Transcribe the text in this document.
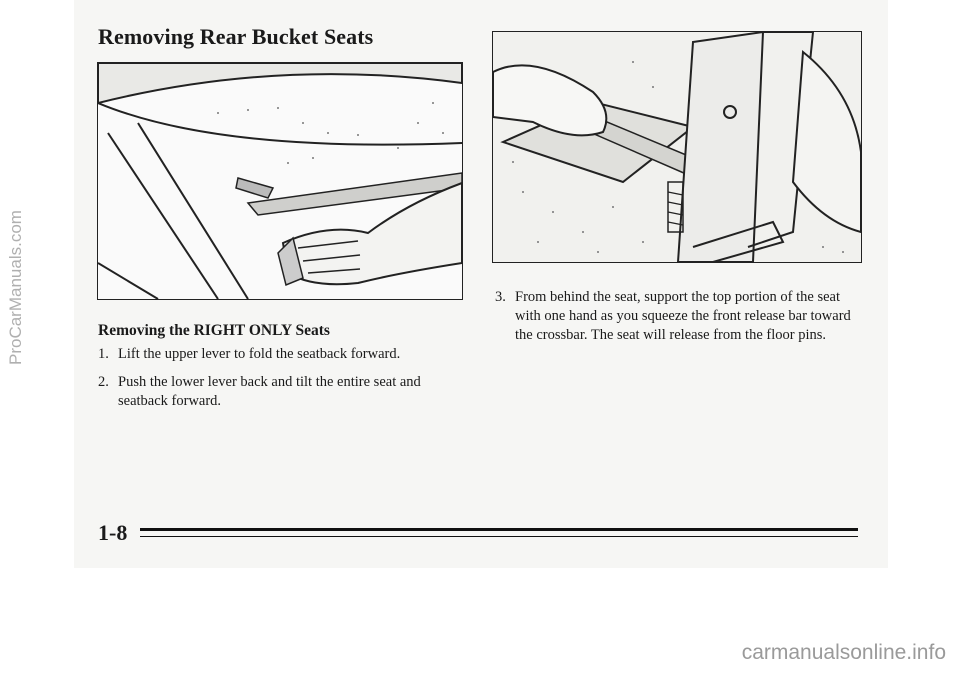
Removing Rear Bucket Seats
Removing the RIGHT ONLY Seats
1. Lift the upper lever to fold the seatback forward.
2. Push the lower lever back and tilt the entire seat and seatback forward.
3. From behind the seat, support the top portion of the seat with one hand as you squeeze the front release bar toward the crossbar. The seat will release from the floor pins.
1-8
ProCarManuals.com
carmanualsonline.info
